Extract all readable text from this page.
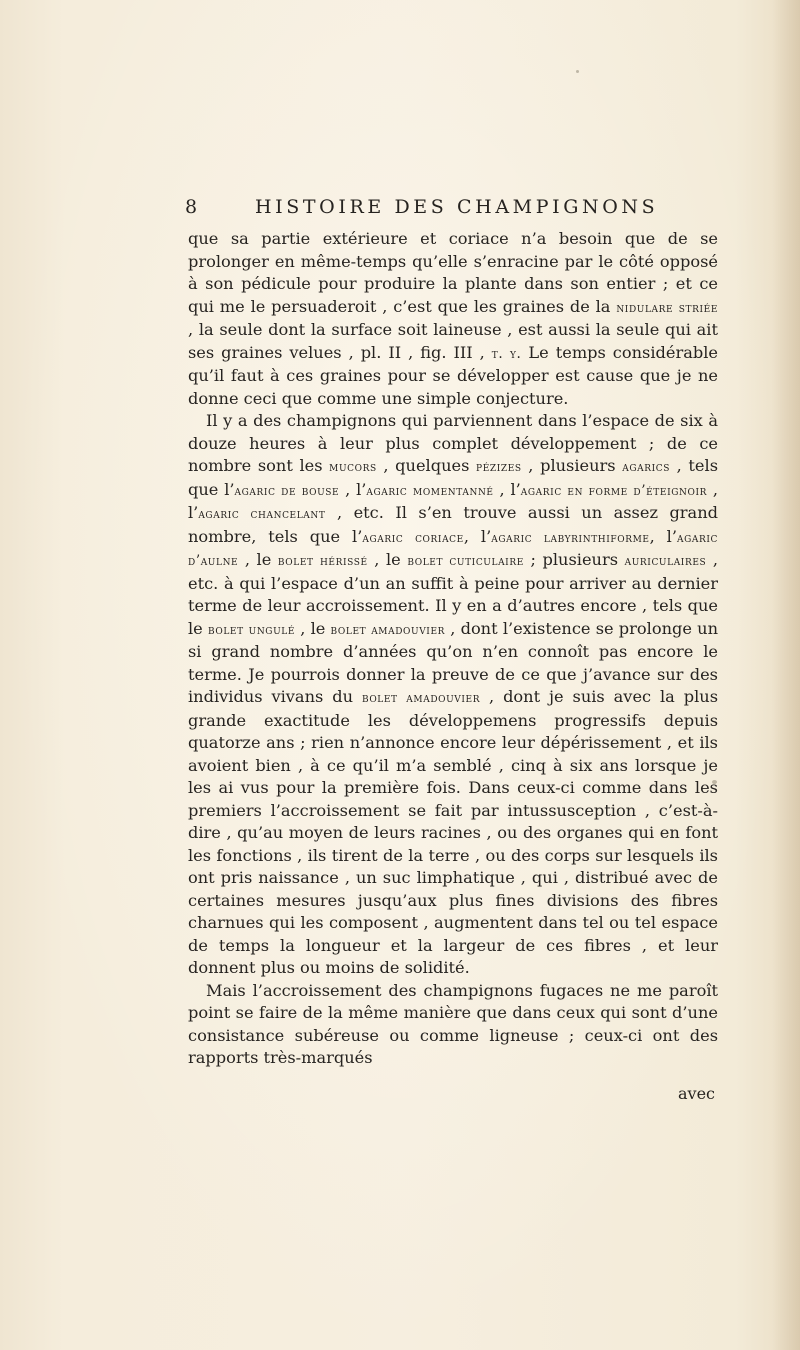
8	HISTOIRE DES CHAMPIGNONS

que sa partie extérieure et coriace n’a besoin que de se prolonger en même-temps qu’elle s’enracine par le côté opposé à son pédicule pour produire la plante dans son entier ; et ce qui me le persuaderoit , c’est que les graines de la nidulare striée , la seule dont la surface soit laineuse , est aussi la seule qui ait ses graines velues , pl. II , fig. III , t. y. Le temps considérable qu’il faut à ces graines pour se développer est cause que je ne donne ceci que comme une simple conjecture.

Il y a des champignons qui parviennent dans l’espace de six à douze heures à leur plus complet développement ; de ce nombre sont les mucors , quelques pézizes , plusieurs agarics , tels que l’agaric de bouse , l’agaric momentanné , l’agaric en forme d’éteignoir , l’agaric chancelant , etc. Il s’en trouve aussi un assez grand nombre, tels que l’agaric coriace, l’agaric labyrinthiforme, l’agaric d’aulne , le bolet hérissé , le bolet cuticulaire ; plusieurs auriculaires , etc. à qui l’espace d’un an suffit à peine pour arriver au dernier terme de leur accroissement. Il y en a d’autres encore , tels que le bolet ungulé , le bolet amadouvier , dont l’existence se prolonge un si grand nombre d’années qu’on n’en connoît pas encore le terme. Je pourrois donner la preuve de ce que j’avance sur des individus vivans du bolet amadouvier , dont je suis avec la plus grande exactitude les développemens progressifs depuis quatorze ans ; rien n’annonce encore leur dépérissement , et ils avoient bien , à ce qu’il m’a semblé , cinq à six ans lorsque je les ai vus pour la première fois. Dans ceux-ci comme dans les premiers l’accroissement se fait par intussusception , c’est-à-dire , qu’au moyen de leurs racines , ou des organes qui en font les fonctions , ils tirent de la terre , ou des corps sur lesquels ils ont pris naissance , un suc limphatique , qui , distribué avec de certaines mesures jusqu’aux plus fines divisions des fibres charnues qui les composent , augmentent dans tel ou tel espace de temps la longueur et la largeur de ces fibres , et leur donnent plus ou moins de solidité.

Mais l’accroissement des champignons fugaces ne me paroît point se faire de la même manière que dans ceux qui sont d’une consistance subéreuse ou comme ligneuse ; ceux-ci ont des rapports très-marqués

avec
